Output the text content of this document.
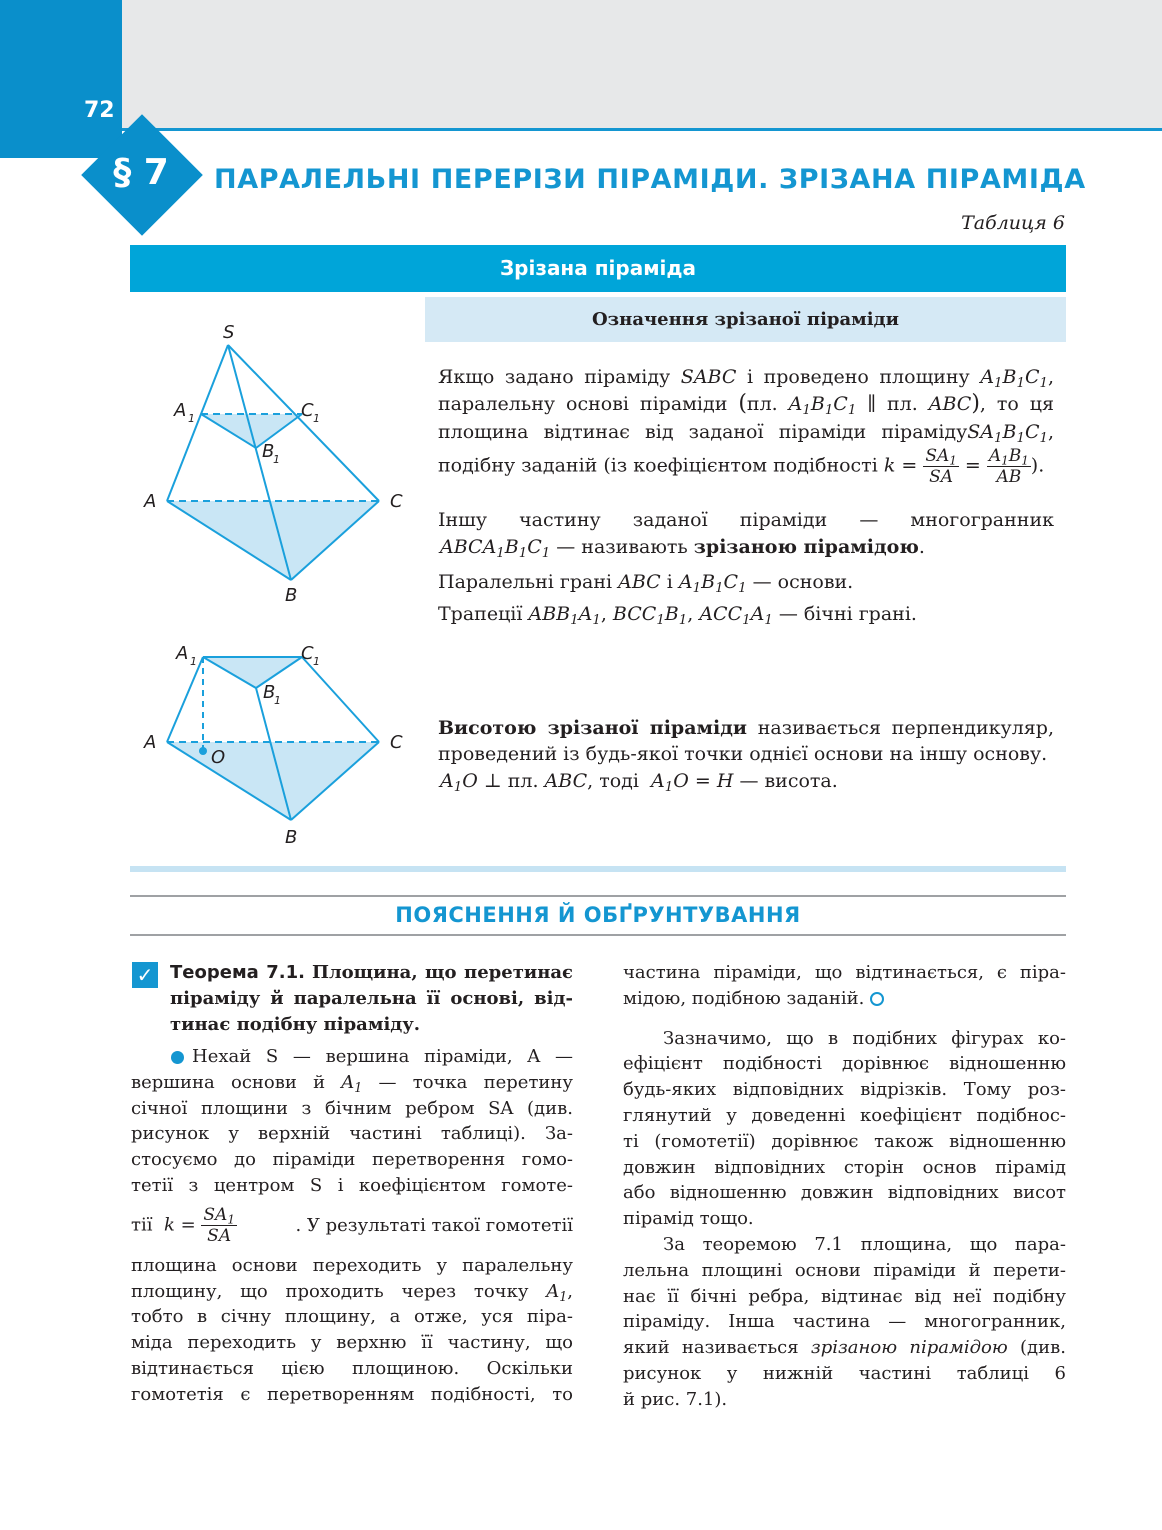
72
§ 7	ПАРАЛЕЛЬНІ ПЕРЕРІЗИ ПІРАМІДИ. ЗРІЗАНА ПІРАМІДА
Таблиця 6
Зрізана піраміда
Означення зрізаної піраміди
S
A 1	C 1
B
1
A	C
B
A 1	C 1
B
1
A	C
O
B
Якщо задано піраміду SABC і проведено площину $A_1B_1C_1$,
паралельну основі піраміди (пл. $A_1B_1C_1$ ∥ пл. ABC), то ця
площина відтинає від заданої піраміди $пірамідуSA_1B_1C_1$,
подібну заданій (із коефіцієнтом подібності $k = \frac{SA_1}{SA} = \frac{A_1B_1}{AB}$ ).
Іншу частину заданої піраміди — многогранник
$ABCA_1B_1C_1$ — називають зрізаною пірамідою.
Паралельні грані ABC і $A_1B_1C_1$ — основи.
Трапеції $ABB_1A_1$, $BCC_1B_1$, $ACC_1A_1$ — бічні грані.
Висотою зрізаної піраміди називається перпендикуляр,
проведений із будь-якої точки однієї основи на іншу основу.
$A_1O$ ⊥ пл. ABC, тоді $A_1O = H$ — висота.
ПОЯСНЕННЯ Й ОБҐРУНТУВАННЯ
✓ Теорема 7.1. Площина, що перетинає
піраміду й паралельна її основі, від-
тинає подібну піраміду.
Нехай S — вершина піраміди, A —
вершина основи й $A_1$ — точка перетину
січної площини з бічним ребром SA (див.
рисунок у верхній частині таблиці). За-
стосуємо до піраміди перетворення гомо-
тетії з центром S і коефіцієнтом гомоте-
тії $k = \frac{SA_1}{SA}$	. У результаті такої гомотетії
площина основи переходить у паралельну
площину, що проходить через точку $A_1$,
тобто в січну площину, а отже, уся піра-
міда переходить у верхню її частину, що
відтинається цією площиною. Оскільки
гомотетія є перетворенням подібності, то
частина піраміди, що відтинається, є піра-
мідою, подібною заданій.
Зазначимо, що в подібних фігурах ко-
ефіцієнт подібності дорівнює відношенню
будь-яких відповідних відрізків. Тому роз-
глянутий у доведенні коефіцієнт подібнос-
ті (гомотетії) дорівнює також відношенню
довжин відповідних сторін основ пірамід
або відношенню довжин відповідних висот
пірамід тощо.
За теоремою 7.1 площина, що пара-
лельна площині основи піраміди й перети-
нає її бічні ребра, відтинає від неї подібну
піраміду. Інша частина — многогранник,
який називається зрізаною пірамідою (див.
рисунок у нижній частині таблиці 6
й рис. 7.1).
